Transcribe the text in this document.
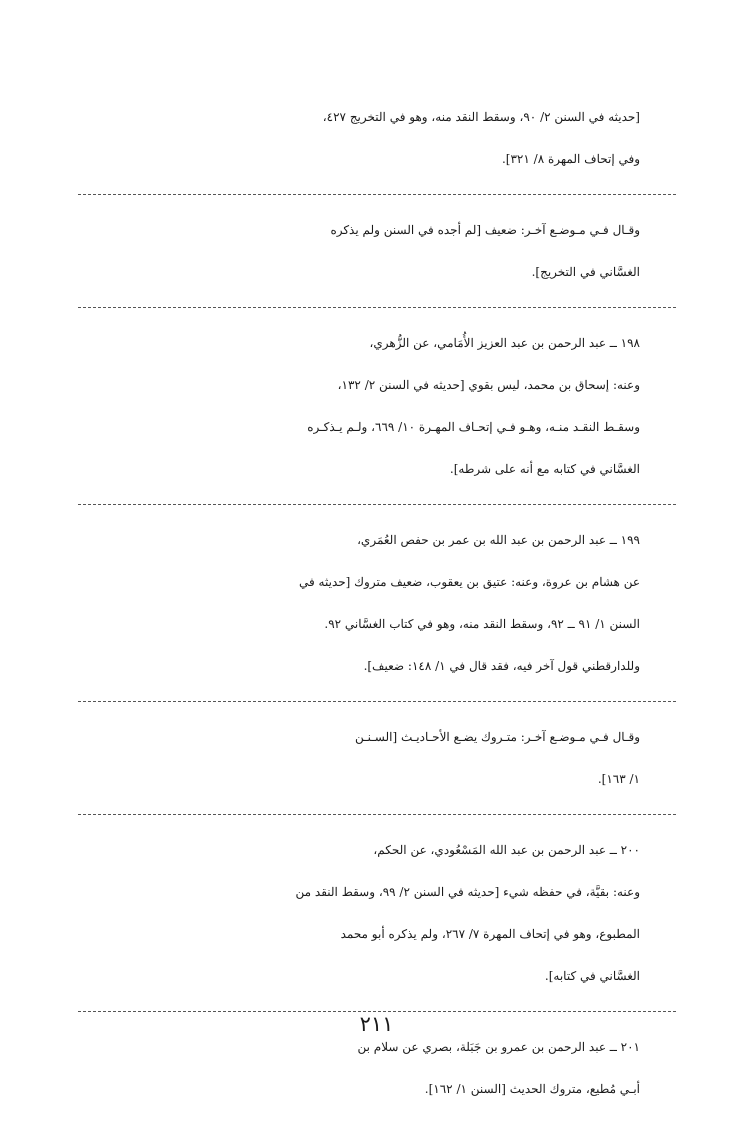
[حديثه في السنن ٢/ ٩٠، وسقط النقد منه، وهو في التخريج ٤٢٧،
وفي إتحاف المهرة ٨/ ٣٢١].

وقـال فـي مـوضـع آخـر: ضعيف [لم أجده في السنن ولم يذكره
الغسَّاني في التخريج].

١٩٨ ــ عبد الرحمن بن عبد العزيز الأُمَامي، عن الزُّهري،
وعنه: إسحاق بن محمد، ليس بقوي [حديثه في السنن ٢/ ١٣٢،
وسقـط النقـد منـه، وهـو فـي إتحـاف المهـرة ١٠/ ٦٦٩، ولـم يـذكـره
الغسَّاني في كتابه مع أنه على شرطه].

١٩٩ ــ عبد الرحمن بن عبد الله بن عمر بن حفص العُمَري،
عن هشام بن عروة، وعنه: عتيق بن يعقوب، ضعيف متروك [حديثه في
السنن ١/ ٩١ ــ ٩٢، وسقط النقد منه، وهو في كتاب الغسَّاني ٩٢.
وللدارقطني قول آخر فيه، فقد قال في ١/ ١٤٨: ضعيف].

وقـال فـي مـوضـع آخـر: متـروك يضـع الأحـاديـث [السـنـن
١/ ١٦٣].

٢٠٠ ــ عبد الرحمن بن عبد الله المَسْعُودي، عن الحكم،
وعنه: بقيَّة، في حفظه شيء [حديثه في السنن ٢/ ٩٩، وسقط النقد من
المطبوع، وهو في إتحاف المهرة ٧/ ٢٦٧، ولم يذكره أبو محمد
الغسَّاني في كتابه].

٢٠١ ــ عبد الرحمن بن عمرو بن جَبَلة، بصري عن سلام بن
أبـي مُطيع، متروك الحديث [السنن ١/ ١٦٢].

٢١١
